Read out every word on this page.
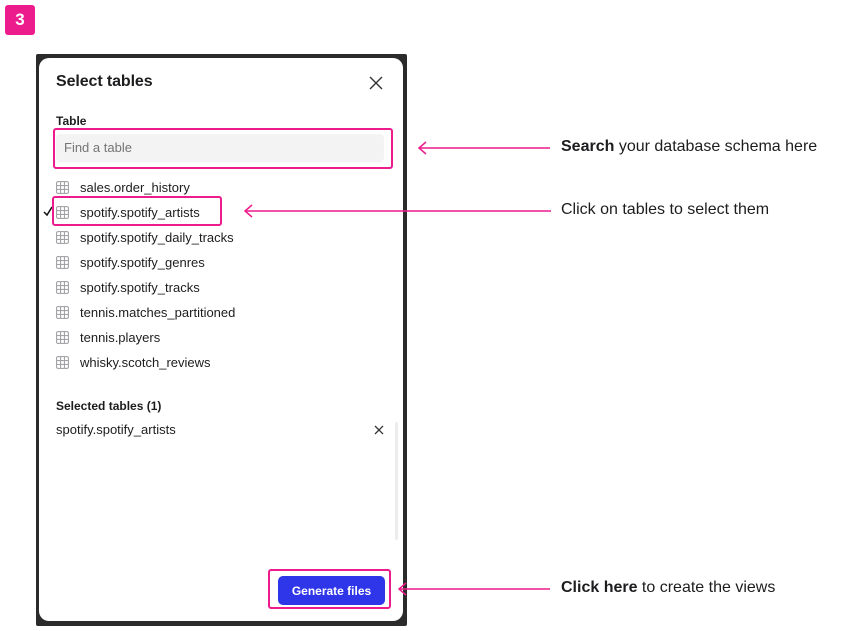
3
Select tables
Table
Find a table
sales.order_history
spotify.spotify_artists
spotify.spotify_daily_tracks
spotify.spotify_genres
spotify.spotify_tracks
tennis.matches_partitioned
tennis.players
whisky.scotch_reviews
Selected tables (1)
spotify.spotify_artists
Generate files
Search your database schema here
Click on tables to select them
Click here to create the views
